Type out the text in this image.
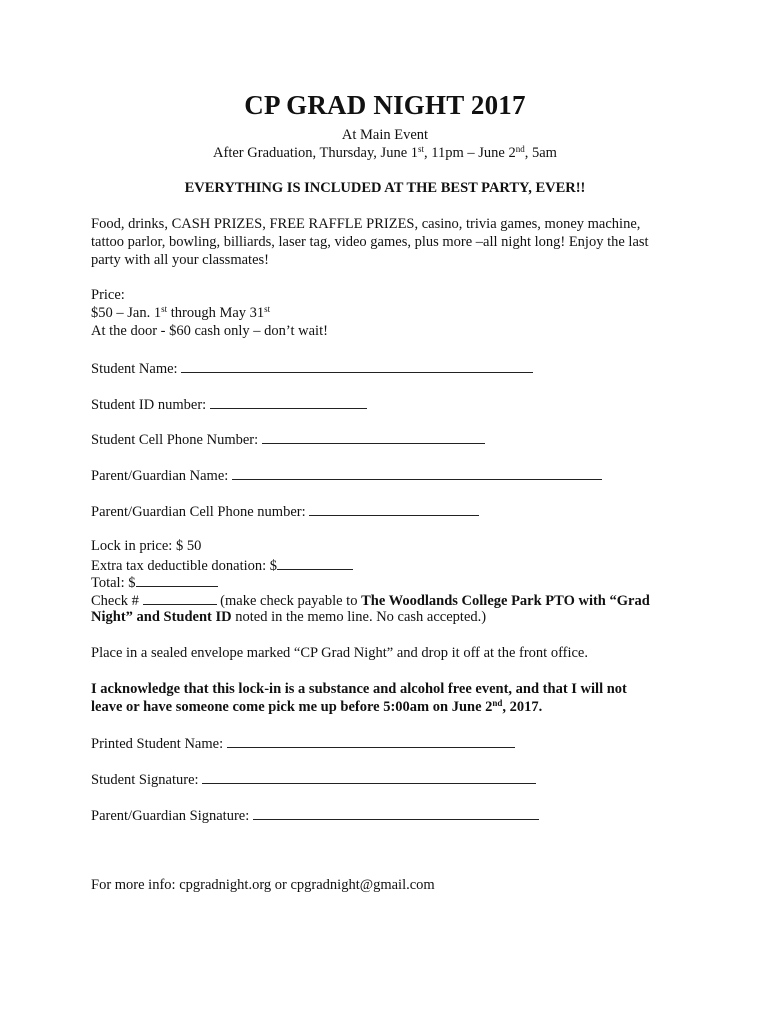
CP GRAD NIGHT 2017

At Main Event

After Graduation, Thursday, June 1st, 11pm – June 2nd, 5am

EVERYTHING IS INCLUDED AT THE BEST PARTY, EVER!!

Food, drinks, CASH PRIZES, FREE RAFFLE PRIZES, casino, trivia games, money machine,

tattoo parlor, bowling, billiards, laser tag, video games, plus more –all night long! Enjoy the last

party with all your classmates!

Price:

$50 – Jan. 1st through May 31st

At the door - $60 cash only – don’t wait!

Student Name:

Student ID number:

Student Cell Phone Number:

Parent/Guardian Name:

Parent/Guardian Cell Phone number:

Lock in price: $ 50

Extra tax deductible donation: $

Total: $

Check #	(make check payable to The Woodlands College Park PTO with “Grad

Night” and Student ID noted in the memo line. No cash accepted.)

Place in a sealed envelope marked “CP Grad Night” and drop it off at the front office.

I acknowledge that this lock-in is a substance and alcohol free event, and that I will not

leave or have someone come pick me up before 5:00am on June 2nd, 2017.

Printed Student Name:

Student Signature:

Parent/Guardian Signature:

For more info: cpgradnight.org or cpgradnight@gmail.com
